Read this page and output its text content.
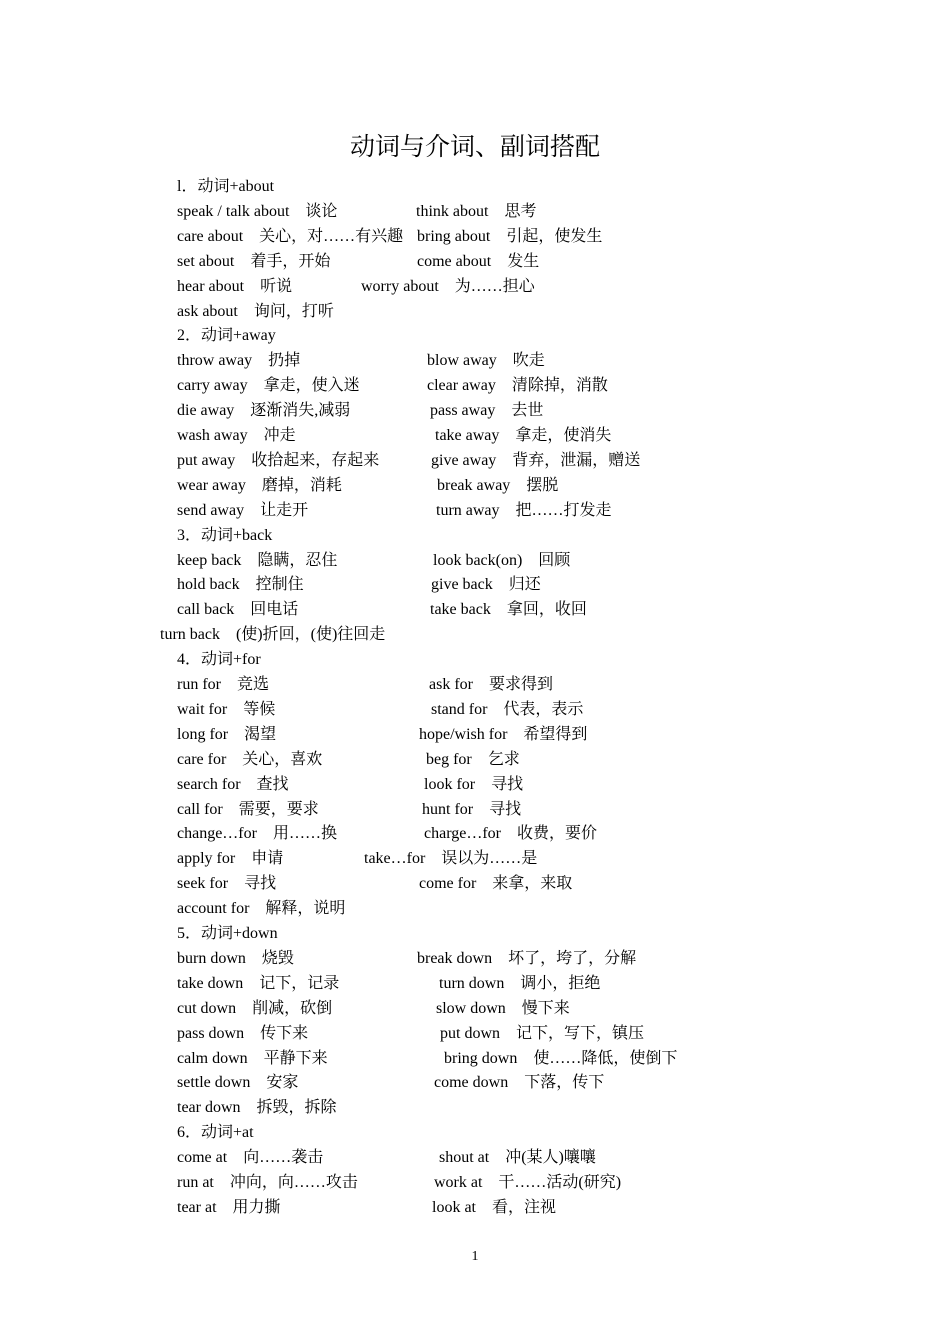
动词与介词、副词搭配
l．动词+about
speak / talk about　谈论	think about　思考
care about　关心，对……有兴趣 bring about　引起，使发生
set about　着手，开始	come about　发生
hear about　听说	worry about　为……担心
ask about　询问，打听
2．动词+away
throw away　扔掉	blow away　吹走
carry away　拿走，使入迷	clear away　清除掉，消散
die away　逐渐消失,减弱	pass away　去世
wash away　冲走	take away　拿走，使消失
put away　收拾起来，存起来	give away　背弃，泄漏，赠送
wear away　磨掉，消耗	break away　摆脱
send away　让走开	turn away　把……打发走
3．动词+back
keep back　隐瞒，忍住	look back(on)　回顾
hold back　控制住	give back　归还
call back　回电话	take back　拿回，收回
turn back　(使)折回，(使)往回走
4．动词+for
run for　竞选	ask for　要求得到
wait for　等候	stand for　代表，表示
long for　渴望	hope/wish for　希望得到
care for　关心，喜欢	beg for　乞求
search for　查找	look for　寻找
call for　需要，要求	hunt for　寻找
change…for　用……换	charge…for　收费，要价
apply for　申请	take…for　误以为……是
seek for　寻找	come for　来拿，来取
account for　解释，说明
5．动词+down
burn down　烧毁	break down　坏了，垮了，分解
take down　记下，记录	turn down　调小，拒绝
cut down　削减，砍倒	slow down　慢下来
pass down　传下来	put down　记下，写下，镇压
calm down　平静下来	bring down　使……降低，使倒下
settle down　安家	come down　下落，传下
tear down　拆毁，拆除
6．动词+at
come at　向……袭击	shout at　冲(某人)嚷嚷
run at　冲向，向……攻击	work at　干……活动(研究)
tear at　用力撕	look at　看，注视
1
